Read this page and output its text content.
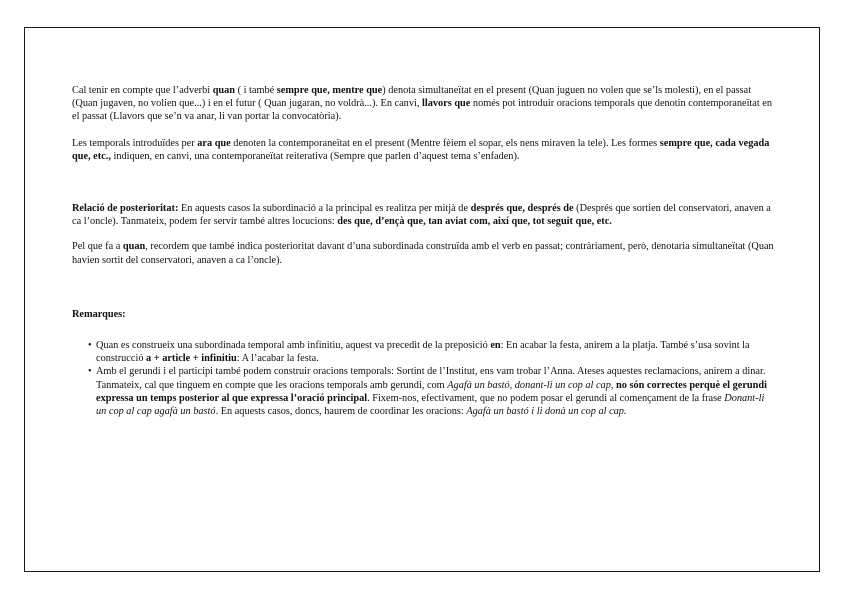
Cal tenir en compte que l’adverbi quan ( i també sempre que, mentre que) denota simultaneïtat en el present (Quan juguen no volen que se’ls molesti), en el passat (Quan jugaven, no volien que...) i en el futur ( Quan jugaran, no voldrà...). En canvi, llavors que només pot introduir oracions temporals que denotin contemporaneïtat en el passat (Llavors que se’n va anar, li van portar la convocatòria).

Les temporals introduïdes per ara que denoten la contemporaneïtat en el present (Mentre fèiem el sopar, els nens miraven la tele). Les formes sempre que, cada vegada que, etc., indiquen, en canvi, una contemporaneïtat reiterativa (Sempre que parlen d’aquest tema s’enfaden).

Relació de posterioritat: En aquests casos la subordinació a la principal es realitza per mitjà de després que, després de (Després que sortien del conservatori, anaven a ca l’oncle). Tanmateix, podem fer servir també altres locucions: des que, d’ençà que, tan aviat com, així que, tot seguit que, etc.

Pel que fa a quan, recordem que també indica posterioritat davant d’una subordinada construïda amb el verb en passat; contràriament, però, denotaria simultaneïtat (Quan havien sortit del conservatori, anaven a ca l’oncle).

Remarques:

• Quan es construeix una subordinada temporal amb infinitiu, aquest va precedit de la preposició en: En acabar la festa, anirem a la platja. També s’usa sovint la construcció a + article + infinitiu: A l’acabar la festa.
• Amb el gerundi i el participi també podem construir oracions temporals: Sortint de l’Institut, ens vam trobar l’Anna. Ateses aquestes reclamacions, anirem a dinar. Tanmateix, cal que tinguem en compte que les oracions temporals amb gerundi, com Agafà un bastó, donant-li un cop al cap, no són correctes perquè el gerundi expressa un temps posterior al que expressa l’oració principal. Fixem-nos, efectivament, que no podem posar el gerundi al començament de la frase Donant-li un cop al cap agafà un bastó. En aquests casos, doncs, haurem de coordinar les oracions: Agafà un bastó i li donà un cop al cap.
